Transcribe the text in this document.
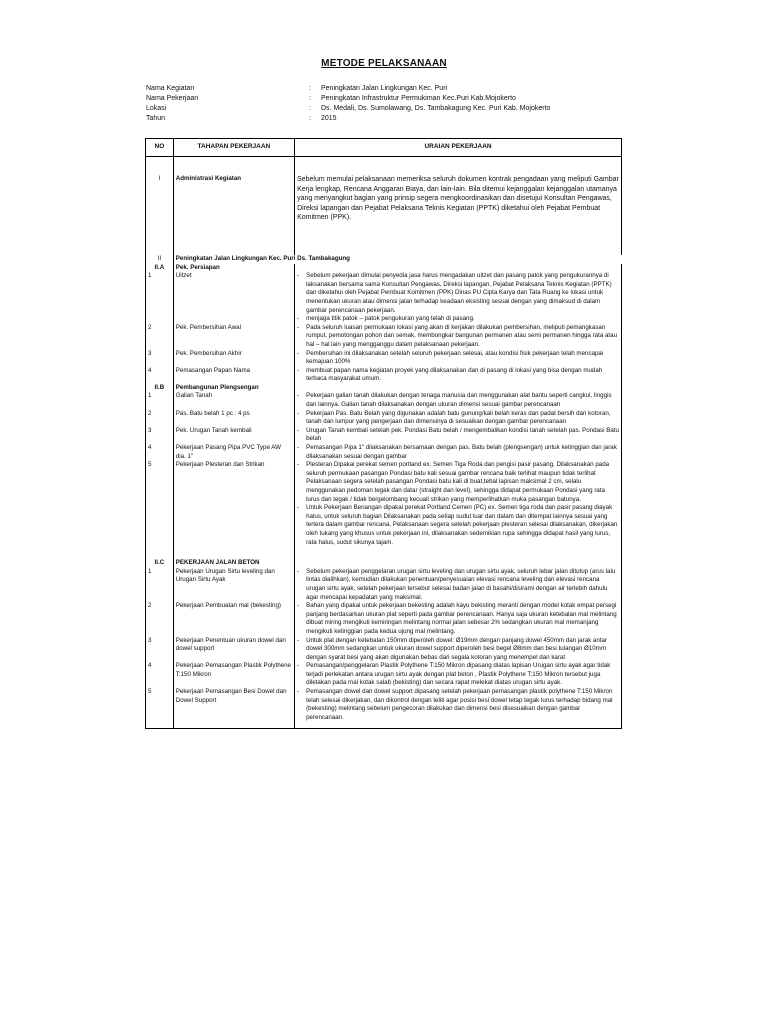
METODE PELAKSANAAN
Nama Kegiatan	:	Peningkatan Jalan Lingkungan Kec. Puri
Nama Pekerjaan	:	Peningkatan Infrastruktur Permukiman Kec.Puri Kab.Mojokerto
Lokasi	:	Ds. Medali, Ds. Sumolawang, Ds. Tambakagung Kec. Puri Kab. Mojokerto
Tahun	:	2015
NO	TAHAPAN PEKERJAAN	URAIAN PEKERJAAN

I	Administrasi Kegiatan	Sebelum memulai pelaksanaan memeriksa seluruh dokumen kontrak pengadaan yang meliputi Gambar Kerja lengkap, Rencana Anggaran Biaya, dan lain-lain. Bila ditemui kejanggalan kejanggalan utamanya yang menyangkut bagian yang prinsip segera mengkoordinasikan dan disetujui Konsultan Pengawas, Direksi lapangan dan Pejabat Pelaksana Teknis Kegiatan (PPTK) diketahui oleh Pejabat Pembuat Komitmen (PPK).

II	Peningkatan Jalan Lingkungan Kec. Puri Ds. Tambakagung	
II.A	Pek. Persiapan	
1	Uitzet	- Sebelum pekerjaan dimulai penyedia jasa harus mengadakan uitzet dan pasang patok yang pengukurannya di laksanakan bersama sama Konsultan Pengawas, Direksi lapangan, Pejabat Pelaksana Teknis Kegiatan (PPTK) dan diketahui oleh Pejabat Pembuat Komitmen (PPK) Dinas PU Cipta Karya dan Tata Ruang ke lokasi untuk menentukan ukuran atau dimensi jalan terhadap keadaan eksisting sesuai dengan yang dimaksud di dalam gambar perencanaan pekerjaan.
- menjaga titik patok – patok pengukuran yang telah di pasang.

2	Pek. Pembersihan Awal	- Pada seluruh luasan permukaan lokasi yang akan di kerjakan dilakukan pembersihan, meliputi pemangkasan rumput, pemotongan pohon dan semak, membongkar bangunan permanen atau semi permanen hingga rata atau hal – hal lain yang mengganggu dalam pelaksanaan pekerjaan.

3	Pek. Pembersihan Akhir	- Pembersihan ini dilaksanakan setelah seluruh pekerjaan selesai, atau kondisi fisik pekerjaan telah mencapai kemajuan 100%

4	Pemasangan Papan Nama	- membuat papan nama kegiatan proyek yang dilaksanakan dan di pasang di lokasi yang bisa dengan mudah terbaca masyarakat umum.

II.B	Pembangunan Plengsengan	
1	Galian Tanah	- Pekerjaan galian tanah dilakukan dengan tenaga manusia dan menggunakan alat bantu seperti cangkul, linggis dan lainnya. Galian tanah dilaksanakan dengan ukuran dimensi sesuai gambar perencanaan

2	Pas. Batu belah 1 pc : 4 ps	- Pekerjaan Pas. Batu Belah yang digunakan adalah batu gunung/kali belah keras dan padat bersih dari kotoran, tanah dan lumpur yang pengerjaan dan dimensinya di sesuaikan dengan gambar perencanaan

3	Pek. Urugan Tanah kembali	- Urugan Tanah kembali setelah pek. Pondasi Batu belah / mengembalikan kondisi tanah setelah pas. Pondasi Batu belah

4	Pekerjaan Pasang Pipa PVC Type AW dia. 1"	- Pemasangan Pipa 1" dilaksanakan bersamaan dengan pas. Batu belah (plengsengan) untuk ketinggian dan jarak dilaksanakan sesuai dengan gambar

5	Pekerjaan Plesteran dan Strikan	- Plesteran Dipakai perekat semen portland ex. Semen Tiga Roda dan pengisi pasir pasang. Dilaksanakan pada seluruh permukaan pasangan Pondasi batu kali sesuai gambar rencana baik terlihat maupun tidak terlihat Pelaksanaan segera setelah pasangan Pondasi batu kali di buat,tebal lapisan maksimal 2 cm, selalu menggunakan pedoman tegak dan datar (straight dan level), sehingga didapat permukaan Pondasi yang rata lurus dan tegak / tidak bergelombang kecuali strikan yang memperlihatkan muka pasangan batunya.
- Untuk Pekerjaan Benangan dipakai perekat Portland Cemen (PC) ex. Semen tiga roda dan pasir pasang diayak halus, untuk seluruh bagian Dilaksanakan pada setiap sudut luar dan dalam dan ditempat lainnya sesuai yang tertera dalam gambar rencana, Pelaksanaan segera setelah pekerjaan plesteran selesai dilaksanakan, dikerjakan oleh tukang yang khusus untuk pekerjaan ini, dilaksanakan sedemikian rupa sehingga didapat hasil yang lurus, rata halus, sudut sikunya tajam.

II.C	PEKERJAAN JALAN BETON	
1	Pekerjaan Urugan Sirtu leveling dan Urugan Sirtu Ayak	- Sebelum pekerjaan penggelaran urugan sirtu leveling dan urugan sirtu ayak, seluruh lebar jalan ditutup (arus lalu lintas dialihkan), kemudian dilakukan penentuan/penyesuaian elevasi rencana leveling dan elevasi rencana urugan sirtu ayak, setelah pekerjaan tersebut selesai badan jalan di basahi/disirami dengan air terlebih dahulu agar mencapai kepadatan yang maksimal.

2	Pekerjaan Pembuatan mal (bekesting)	- Bahan yang dipakai untuk pekerjaan bekesting adalah kayu bekisting meranti dengan model kotak empat persegi panjang berdasarkan ukuran plat seperti pada gambar perencanaan. Hanya saja ukuran ketebalan mal melintang dibuat miring mengikuti kemiringan melintang normal jalan sebesar 2% sedangkan ukuran mal memanjang mengikuti ketinggian pada kedua ujung mal melintang.

3	Pekerjaan Penentuan ukuran dowel dan dowel support	- Untuk plat dengan ketebalan 150mm diperoleh dowel: Ø19mm dengan panjang dowel 450mm dan jarak antar dowel 300mm sedangkan untuk ukuran dowel support diperoleh besi begel Ø8mm dan besi tulangan Ø10mm dengan syarat besi yang akan digunakan bebas dari segala kotoran yang menempel dan karat

4	Pekerjaan Pemasangan Plastik Polythene T:150 Mikron	- Pemasangan/penggelaran Plastik Polythene T:150 Mikron dipasang diatas lapisan Urugan sirtu ayak agar tidak terjadi perlekatan antara urugan sirtu ayak dengan plat beton , Plastik Polythene T:150 Mikron tersebut juga diletakan pada mal kotak salab (bekisting) dan secara rapat melekat diatas urugan sirtu ayak.

5	Pekerjaan Pemasangan Besi Dowel dan Dowel Support	- Pemasangan dowel dan dowel support dipasang setelah pekerjaan pemasangan plastik polythene T:150 Mikron telah selesai dikerjakan, dan dikontrol dengan teliti agar posisi besi dowel tetap tegak lurus terhadap bidang mal (bekesting) melintang sebelum pengecoran dilakukan dan dimensi besi disesuaikan dengan gambar perencanaan.
